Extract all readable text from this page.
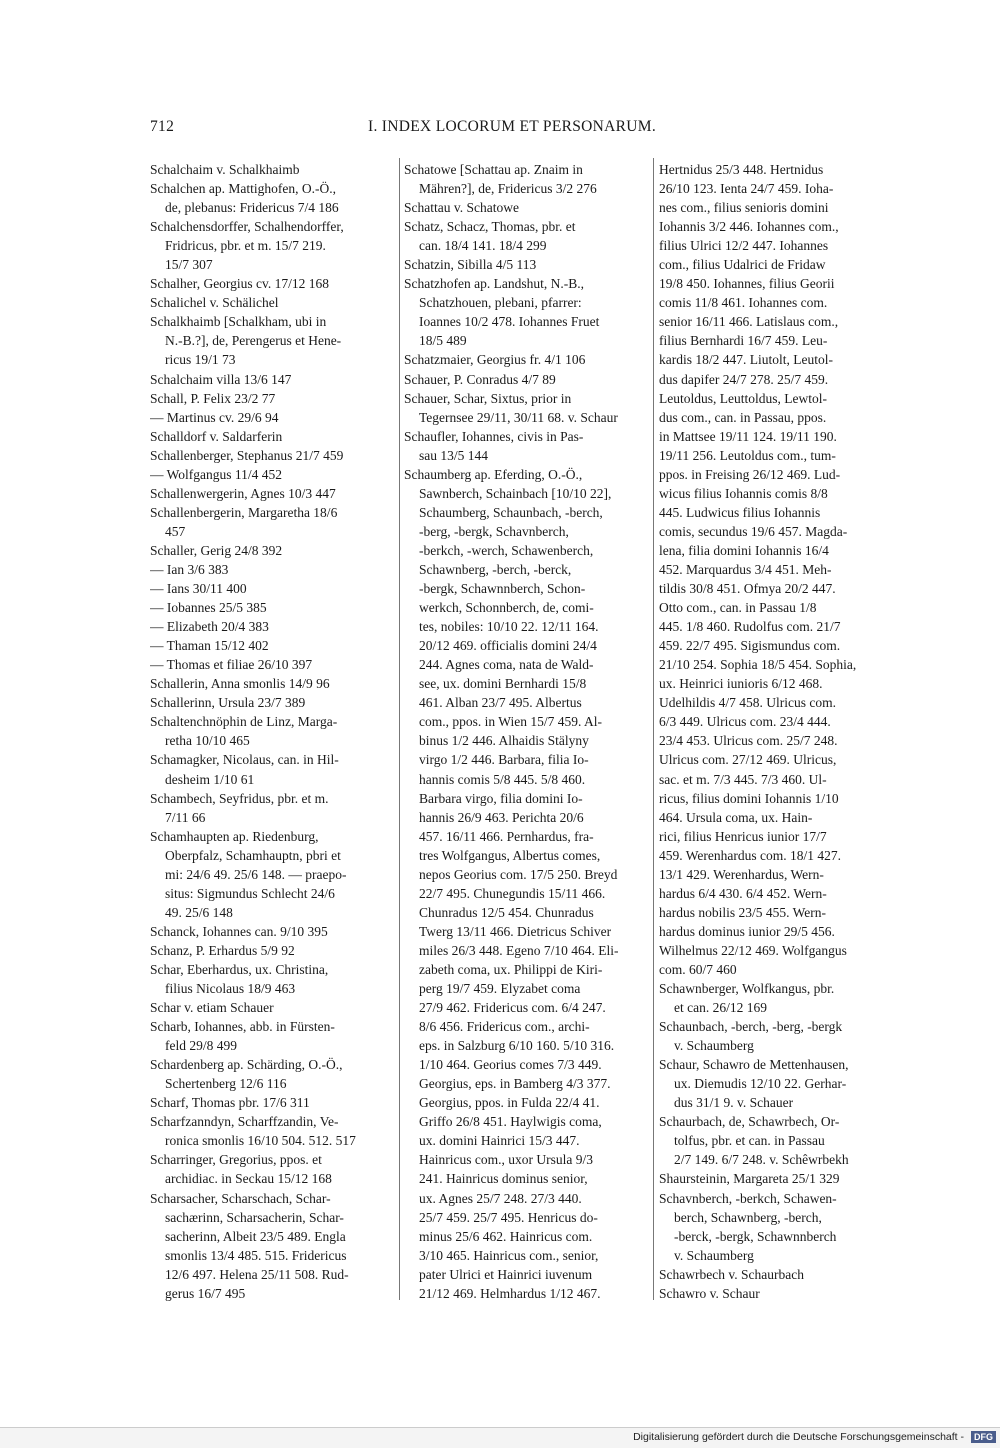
712	I. INDEX LOCORUM ET PERSONARUM.
Schalchaim v. Schalkhaimb
Schalchen ap. Mattighofen, O.-Ö.,
de, plebanus: Fridericus 7/4 186
Schalchensdorffer, Schalhendorffer,
Fridricus, pbr. et m. 15/7 219.
15/7 307
Schalher, Georgius cv. 17/12 168
Schalichel v. Schälichel
Schalkhaimb [Schalkham, ubi in
N.-B.?], de, Perengerus et Hene-
ricus 19/1 73
Schalchaim villa 13/6 147
Schall, P. Felix 23/2 77
— Martinus cv. 29/6 94
Schalldorf v. Saldarferin
Schallenberger, Stephanus 21/7 459
— Wolfgangus 11/4 452
Schallenwergerin, Agnes 10/3 447
Schallenbergerin, Margaretha 18/6
457
Schaller, Gerig 24/8 392
— Ian 3/6 383
— Ians 30/11 400
— Iobannes 25/5 385
— Elizabeth 20/4 383
— Thaman 15/12 402
— Thomas et filiae 26/10 397
Schallerin, Anna smonlis 14/9 96
Schallerinn, Ursula 23/7 389
Schaltenchnöphin de Linz, Marga-
retha 10/10 465
Schamagker, Nicolaus, can. in Hil-
desheim 1/10 61
Schambech, Seyfridus, pbr. et m.
7/11 66
Schamhaupten ap. Riedenburg,
Oberpfalz, Schamhauptn, pbri et
mi: 24/6 49. 25/6 148. — praepo-
situs: Sigmundus Schlecht 24/6
49. 25/6 148
Schanck, Iohannes can. 9/10 395
Schanz, P. Erhardus 5/9 92
Schar, Eberhardus, ux. Christina,
filius Nicolaus 18/9 463
Schar v. etiam Schauer
Scharb, Iohannes, abb. in Fürsten-
feld 29/8 499
Schardenberg ap. Schärding, O.-Ö.,
Schertenberg 12/6 116
Scharf, Thomas pbr. 17/6 311
Scharfzanndyn, Scharffzandin, Ve-
ronica smonlis 16/10 504. 512. 517
Scharringer, Gregorius, ppos. et
archidiac. in Seckau 15/12 168
Scharsacher, Scharschach, Schar-
sachærinn, Scharsacherin, Schar-
sacherinn, Albeit 23/5 489. Engla
smonlis 13/4 485. 515. Fridericus
12/6 497. Helena 25/11 508. Rud-
gerus 16/7 495
Schatowe [Schattau ap. Znaim in
Mähren?], de, Fridericus 3/2 276
Schattau v. Schatowe
Schatz, Schacz, Thomas, pbr. et
can. 18/4 141. 18/4 299
Schatzin, Sibilla 4/5 113
Schatzhofen ap. Landshut, N.-B.,
Schatzhouen, plebani, pfarrer:
Ioannes 10/2 478. Iohannes Fruet
18/5 489
Schatzmaier, Georgius fr. 4/1 106
Schauer, P. Conradus 4/7 89
Schauer, Schar, Sixtus, prior in
Tegernsee 29/11, 30/11 68. v. Schaur
Schaufler, Iohannes, civis in Pas-
sau 13/5 144
Schaumberg ap. Eferding, O.-Ö.,
Sawnberch, Schainbach [10/10 22],
Schaumberg, Schaunbach, -berch,
-berg, -bergk, Schavnberch,
-berkch, -werch, Schawenberch,
Schawnberg, -berch, -berck,
-bergk, Schawnnberch, Schon-
werkch, Schonnberch, de, comi-
tes, nobiles: 10/10 22. 12/11 164.
20/12 469. officialis domini 24/4
244. Agnes coma, nata de Wald-
see, ux. domini Bernhardi 15/8
461. Alban 23/7 495. Albertus
com., ppos. in Wien 15/7 459. Al-
binus 1/2 446. Alhaidis Stälyny
virgo 1/2 446. Barbara, filia Io-
hannis comis 5/8 445. 5/8 460.
Barbara virgo, filia domini Io-
hannis 26/9 463. Perichta 20/6
457. 16/11 466. Pernhardus, fra-
tres Wolfgangus, Albertus comes,
nepos Georius com. 17/5 250. Breyd
22/7 495. Chunegundis 15/11 466.
Chunradus 12/5 454. Chunradus
Twerg 13/11 466. Dietricus Schiver
miles 26/3 448. Egeno 7/10 464. Eli-
zabeth coma, ux. Philippi de Kiri-
perg 19/7 459. Elyzabet coma
27/9 462. Fridericus com. 6/4 247.
8/6 456. Fridericus com., archi-
eps. in Salzburg 6/10 160. 5/10 316.
1/10 464. Georius comes 7/3 449.
Georgius, eps. in Bamberg 4/3 377.
Georgius, ppos. in Fulda 22/4 41.
Griffo 26/8 451. Haylwigis coma,
ux. domini Hainrici 15/3 447.
Hainricus com., uxor Ursula 9/3
241. Hainricus dominus senior,
ux. Agnes 25/7 248. 27/3 440.
25/7 459. 25/7 495. Henricus do-
minus 25/6 462. Hainricus com.
3/10 465. Hainricus com., senior,
pater Ulrici et Hainrici iuvenum
21/12 469. Helmhardus 1/12 467.
Hertnidus 25/3 448. Hertnidus
26/10 123. Ienta 24/7 459. Ioha-
nes com., filius senioris domini
Iohannis 3/2 446. Iohannes com.,
filius Ulrici 12/2 447. Iohannes
com., filius Udalrici de Fridaw
19/8 450. Iohannes, filius Georii
comis 11/8 461. Iohannes com.
senior 16/11 466. Latislaus com.,
filius Bernhardi 16/7 459. Leu-
kardis 18/2 447. Liutolt, Leutol-
dus dapifer 24/7 278. 25/7 459.
Leutoldus, Leuttoldus, Lewtol-
dus com., can. in Passau, ppos.
in Mattsee 19/11 124. 19/11 190.
19/11 256. Leutoldus com., tum-
ppos. in Freising 26/12 469. Lud-
wicus filius Iohannis comis 8/8
445. Ludwicus filius Iohannis
comis, secundus 19/6 457. Magda-
lena, filia domini Iohannis 16/4
452. Marquardus 3/4 451. Meh-
tildis 30/8 451. Ofmya 20/2 447.
Otto com., can. in Passau 1/8
445. 1/8 460. Rudolfus com. 21/7
459. 22/7 495. Sigismundus com.
21/10 254. Sophia 18/5 454. Sophia,
ux. Heinrici iunioris 6/12 468.
Udelhildis 4/7 458. Ulricus com.
6/3 449. Ulricus com. 23/4 444.
23/4 453. Ulricus com. 25/7 248.
Ulricus com. 27/12 469. Ulricus,
sac. et m. 7/3 445. 7/3 460. Ul-
ricus, filius domini Iohannis 1/10
464. Ursula coma, ux. Hain-
rici, filius Henricus iunior 17/7
459. Werenhardus com. 18/1 427.
13/1 429. Werenhardus, Wern-
hardus 6/4 430. 6/4 452. Wern-
hardus nobilis 23/5 455. Wern-
hardus dominus iunior 29/5 456.
Wilhelmus 22/12 469. Wolfgangus
com. 60/7 460
Schawnberger, Wolfkangus, pbr.
et can. 26/12 169
Schaunbach, -berch, -berg, -bergk
v. Schaumberg
Schaur, Schawro de Mettenhausen,
ux. Diemudis 12/10 22. Gerhar-
dus 31/1 9. v. Schauer
Schaurbach, de, Schawrbech, Or-
tolfus, pbr. et can. in Passau
2/7 149. 6/7 248. v. Schêwrbekh
Shaursteinin, Margareta 25/1 329
Schavnberch, -berkch, Schawen-
berch, Schawnberg, -berch,
-berck, -bergk, Schawnnberch
v. Schaumberg
Schawrbech v. Schaurbach
Schawro v. Schaur
Digitalisierung gefördert durch die Deutsche Forschungsgemeinschaft -	DFG
